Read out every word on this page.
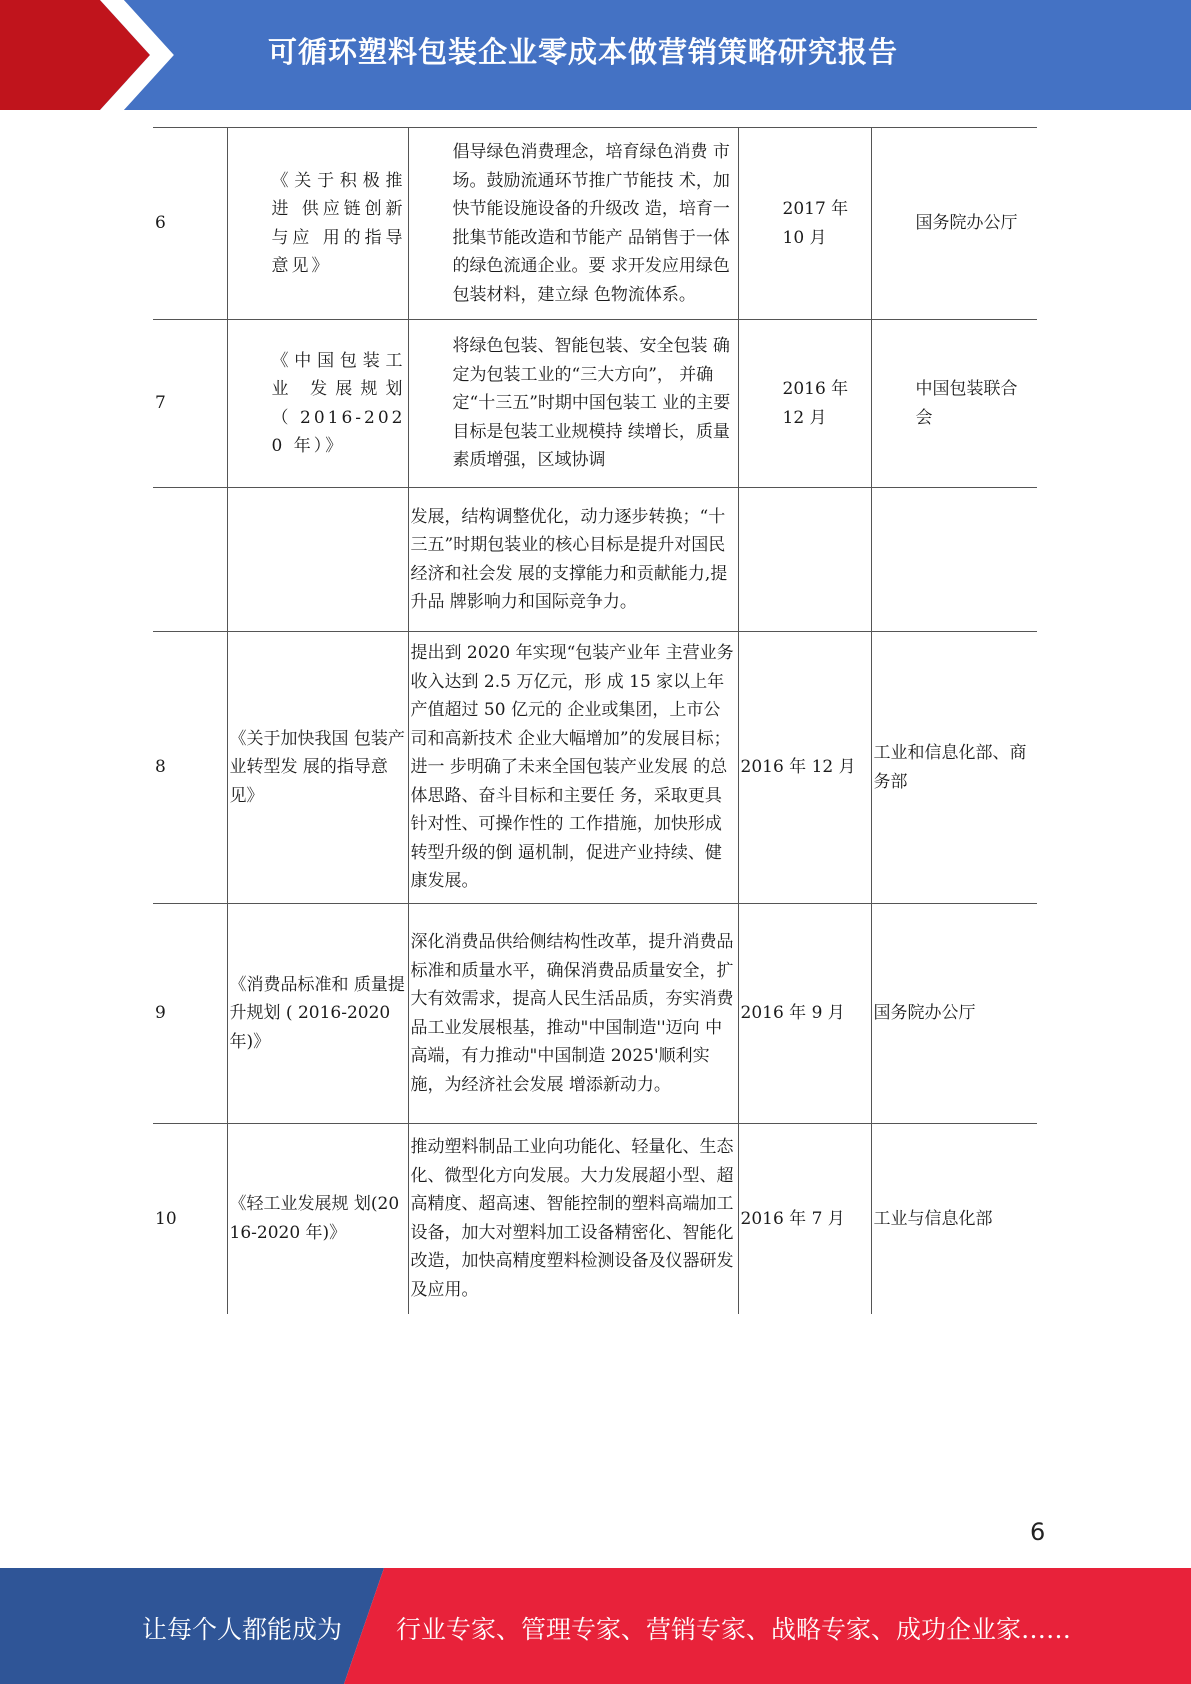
可循环塑料包装企业零成本做营销策略研究报告
6	《关于积极推进 供应链创新与应 用的指导意见》	倡导绿色消费理念，培育绿色消费 市场。鼓励流通环节推广节能技 术，加快节能设施设备的升级改 造，培育一批集节能改造和节能产 品销售于一体的绿色流通企业。要 求开发应用绿色包装材料，建立绿 色物流体系。	2017 年 10 月	国务院办公厅
7	《中国包装工业 发展规划 （ 2016-2020 年）》	将绿色包装、智能包装、安全包装 确定为包装工业的“三大方向”， 并确定“十三五”时期中国包装工 业的主要目标是包装工业规模持 续增长，质量素质增强，区域协调	2016 年 12 月	中国包装联合会
		发展，结构调整优化，动力逐步转换；“十三五”时期包装业的核心目标是提升对国民经济和社会发 展的支撑能力和贡献能力,提升品 牌影响力和国际竞争力。		
8	《关于加快我国 包装产业转型发 展的指导意见》	提出到 2020 年实现“包装产业年 主营业务收入达到 2.5 万亿元，形 成 15 家以上年产值超过 50 亿元的 企业或集团，上市公司和高新技术 企业大幅增加”的发展目标；进一 步明确了未来全国包装产业发展 的总体思路、奋斗目标和主要任 务，采取更具针对性、可操作性的 工作措施，加快形成转型升级的倒 逼机制，促进产业持续、健康发展。	2016 年 12 月	工业和信息化部、商务部
9	《消费品标准和 质量提升规划 ( 2016-2020 年)》	深化消费品供给侧结构性改革，提升消费品标准和质量水平，确保消费品质量安全，扩大有效需求，提高人民生活品质，夯实消费品工业发展根基，推动"中国制造''迈向 中高端，有力推动"中国制造 2025'顺利实施，为经济社会发展 增添新动力。	2016 年 9 月	国务院办公厅
10	《轻工业发展规 划(2016-2020 年)》	推动塑料制品工业向功能化、轻量化、生态化、微型化方向发展。大力发展超小型、超高精度、超高速、智能控制的塑料高端加工设备，加大对塑料加工设备精密化、智能化改造，加快高精度塑料检测设备及仪器研发及应用。	2016 年 7 月	工业与信息化部
6
让每个人都能成为 行业专家、管理专家、营销专家、战略专家、成功企业家……
